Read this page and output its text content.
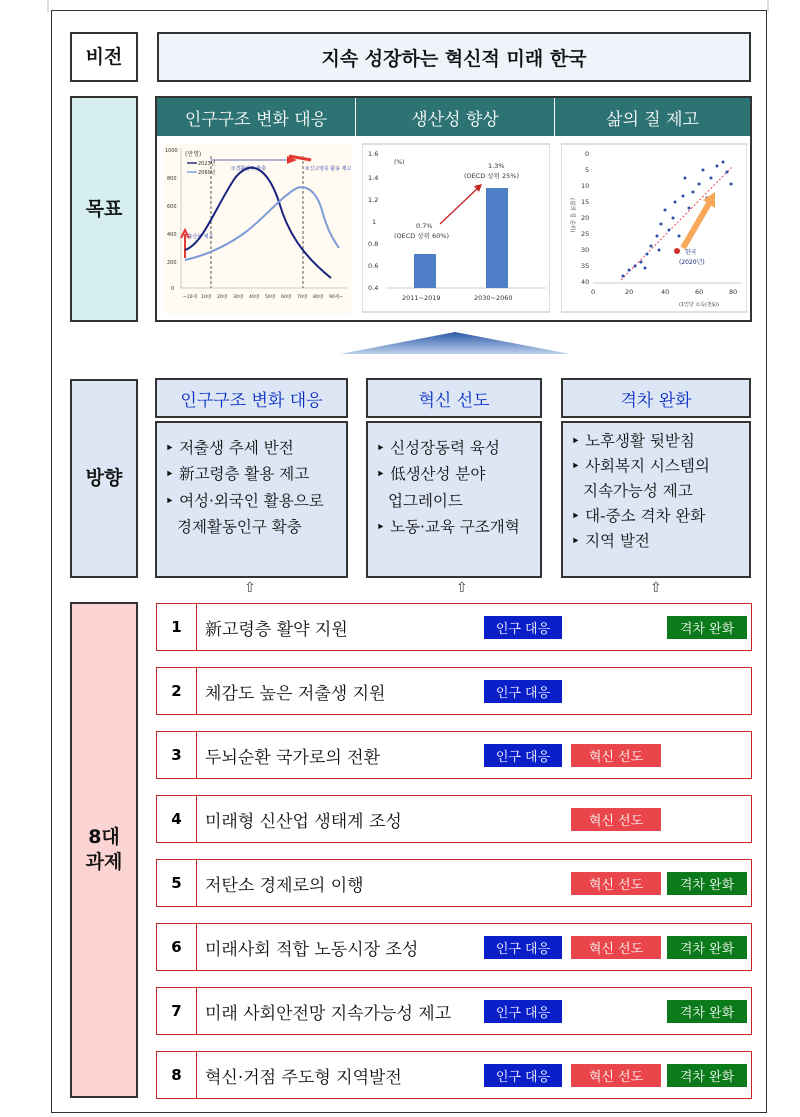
비전	지속 성장하는 혁신적 미래 한국
목표
인구구조 변화 대응	생산성 향상	삶의 질 제고
(만명)
1000
800
600
400
200
0
2023년
2060년
①경활인구 확충	②신고령층 활용 제고
③출산율 제고
~10세 10대 20대 30대 40대 50대 60대 70대 80대 90세~
(%)
1.6
1.4
1.2
1
0.8
0.6
0.4
0.7%
(OECD 상위 60%)
1.3%
(OECD 상위 25%)
2011~2019	2030~2060
(삶의 질 순위)
0
5
10
15
20
25
30
35
40
0	20	40	60	80
(1인당 소득(천$))
한국
(2020년)
방향
인구구조 변화 대응
‣ 저출생 추세 반전
‣ 新고령층 활용 제고
‣ 여성·외국인 활용으로
경제활동인구 확충
혁신 선도
‣ 신성장동력 육성
‣ 低생산성 분야
업그레이드
‣ 노동·교육 구조개혁
격차 완화
‣ 노후생활 뒷받침
‣ 사회복지 시스템의
지속가능성 제고
‣ 대-중소 격차 완화
‣ 지역 발전
⇧	⇧	⇧
8대
과제
1	新고령층 활약 지원	인구 대응	격차 완화
2	체감도 높은 저출생 지원	인구 대응
3	두뇌순환 국가로의 전환	인구 대응	혁신 선도
4	미래형 신산업 생태계 조성	혁신 선도
5	저탄소 경제로의 이행	혁신 선도	격차 완화
6	미래사회 적합 노동시장 조성	인구 대응	혁신 선도	격차 완화
7	미래 사회안전망 지속가능성 제고	인구 대응	격차 완화
8	혁신·거점 주도형 지역발전	인구 대응	혁신 선도	격차 완화
